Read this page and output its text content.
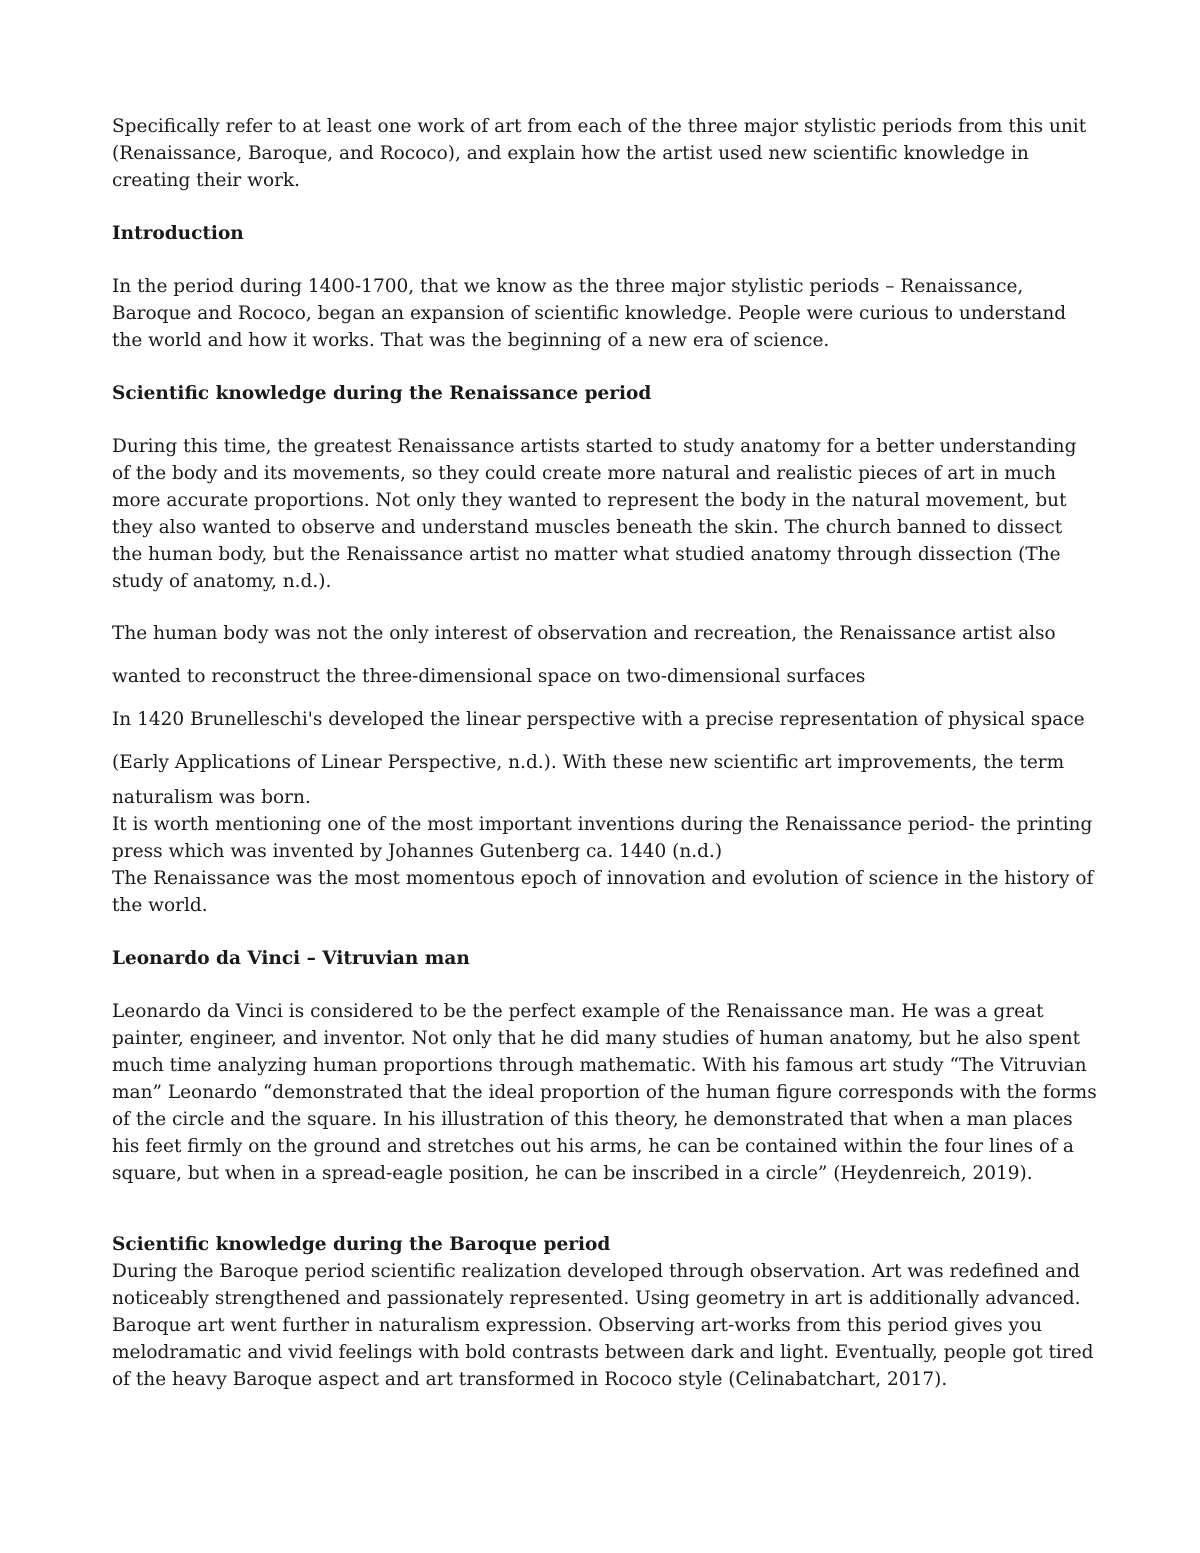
Specifically refer to at least one work of art from each of the three major stylistic periods from this unit (Renaissance, Baroque, and Rococo), and explain how the artist used new scientific knowledge in creating their work.

Introduction

In the period during 1400-1700, that we know as the three major stylistic periods – Renaissance, Baroque and Rococo, began an expansion of scientific knowledge. People were curious to understand the world and how it works. That was the beginning of a new era of science.

Scientific knowledge during the Renaissance period

During this time, the greatest Renaissance artists started to study anatomy for a better understanding of the body and its movements, so they could create more natural and realistic pieces of art in much more accurate proportions. Not only they wanted to represent the body in the natural movement, but they also wanted to observe and understand muscles beneath the skin. The church banned to dissect the human body, but the Renaissance artist no matter what studied anatomy through dissection (The study of anatomy, n.d.).

The human body was not the only interest of observation and recreation, the Renaissance artist also

wanted to reconstruct the three-dimensional space on two-dimensional surfaces

In 1420 Brunelleschi's developed the linear perspective with a precise representation of physical space

(Early Applications of Linear Perspective, n.d.). With these new scientific art improvements, the term

naturalism was born.

It is worth mentioning one of the most important inventions during the Renaissance period- the printing press which was invented by Johannes Gutenberg ca. 1440 (n.d.)

The Renaissance was the most momentous epoch of innovation and evolution of science in the history of the world.

Leonardo da Vinci – Vitruvian man

Leonardo da Vinci is considered to be the perfect example of the Renaissance man. He was a great painter, engineer, and inventor. Not only that he did many studies of human anatomy, but he also spent much time analyzing human proportions through mathematic. With his famous art study “The Vitruvian man” Leonardo “demonstrated that the ideal proportion of the human figure corresponds with the forms of the circle and the square. In his illustration of this theory, he demonstrated that when a man places his feet firmly on the ground and stretches out his arms, he can be contained within the four lines of a square, but when in a spread-eagle position, he can be inscribed in a circle” (Heydenreich, 2019).

Scientific knowledge during the Baroque period

During the Baroque period scientific realization developed through observation. Art was redefined and noticeably strengthened and passionately represented. Using geometry in art is additionally advanced. Baroque art went further in naturalism expression. Observing art-works from this period gives you melodramatic and vivid feelings with bold contrasts between dark and light. Eventually, people got tired of the heavy Baroque aspect and art transformed in Rococo style (Celinabatchart, 2017).
